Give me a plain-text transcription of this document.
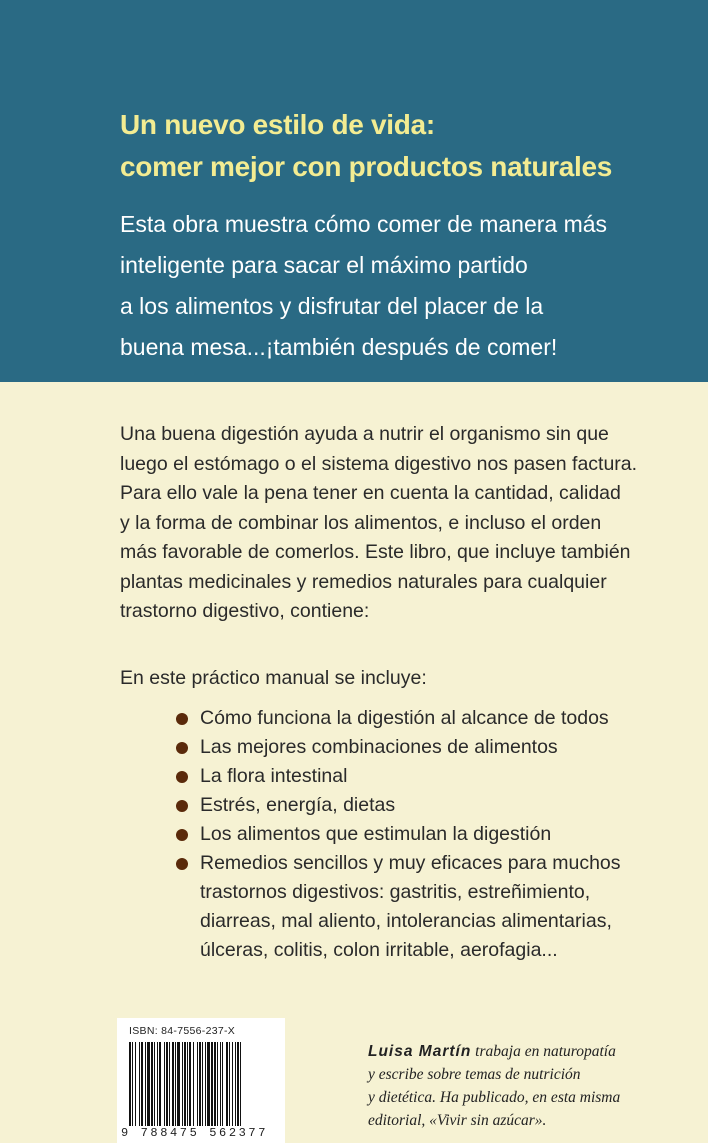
Un nuevo estilo de vida:
comer mejor con productos naturales
Esta obra muestra cómo comer de manera más
inteligente para sacar el máximo partido
a los alimentos y disfrutar del placer de la
buena mesa...¡también después de comer!
Una buena digestión ayuda a nutrir el organismo sin que
luego el estómago o el sistema digestivo nos pasen factura.
Para ello vale la pena tener en cuenta la cantidad, calidad
y la forma de combinar los alimentos, e incluso el orden
más favorable de comerlos. Este libro, que incluye también
plantas medicinales y remedios naturales para cualquier
trastorno digestivo, contiene:
En este práctico manual se incluye:
Cómo funciona la digestión al alcance de todos
Las mejores combinaciones de alimentos
La flora intestinal
Estrés, energía, dietas
Los alimentos que estimulan la digestión
Remedios sencillos y muy eficaces para muchos
trastornos digestivos: gastritis, estreñimiento,
diarreas, mal aliento, intolerancias alimentarias,
úlceras, colitis, colon irritable, aerofagia...
ISBN: 84-7556-237-X
9 788475 562377
Luisa Martín trabaja en naturopatía
y escribe sobre temas de nutrición
y dietética. Ha publicado, en esta misma
editorial, «Vivir sin azúcar».
